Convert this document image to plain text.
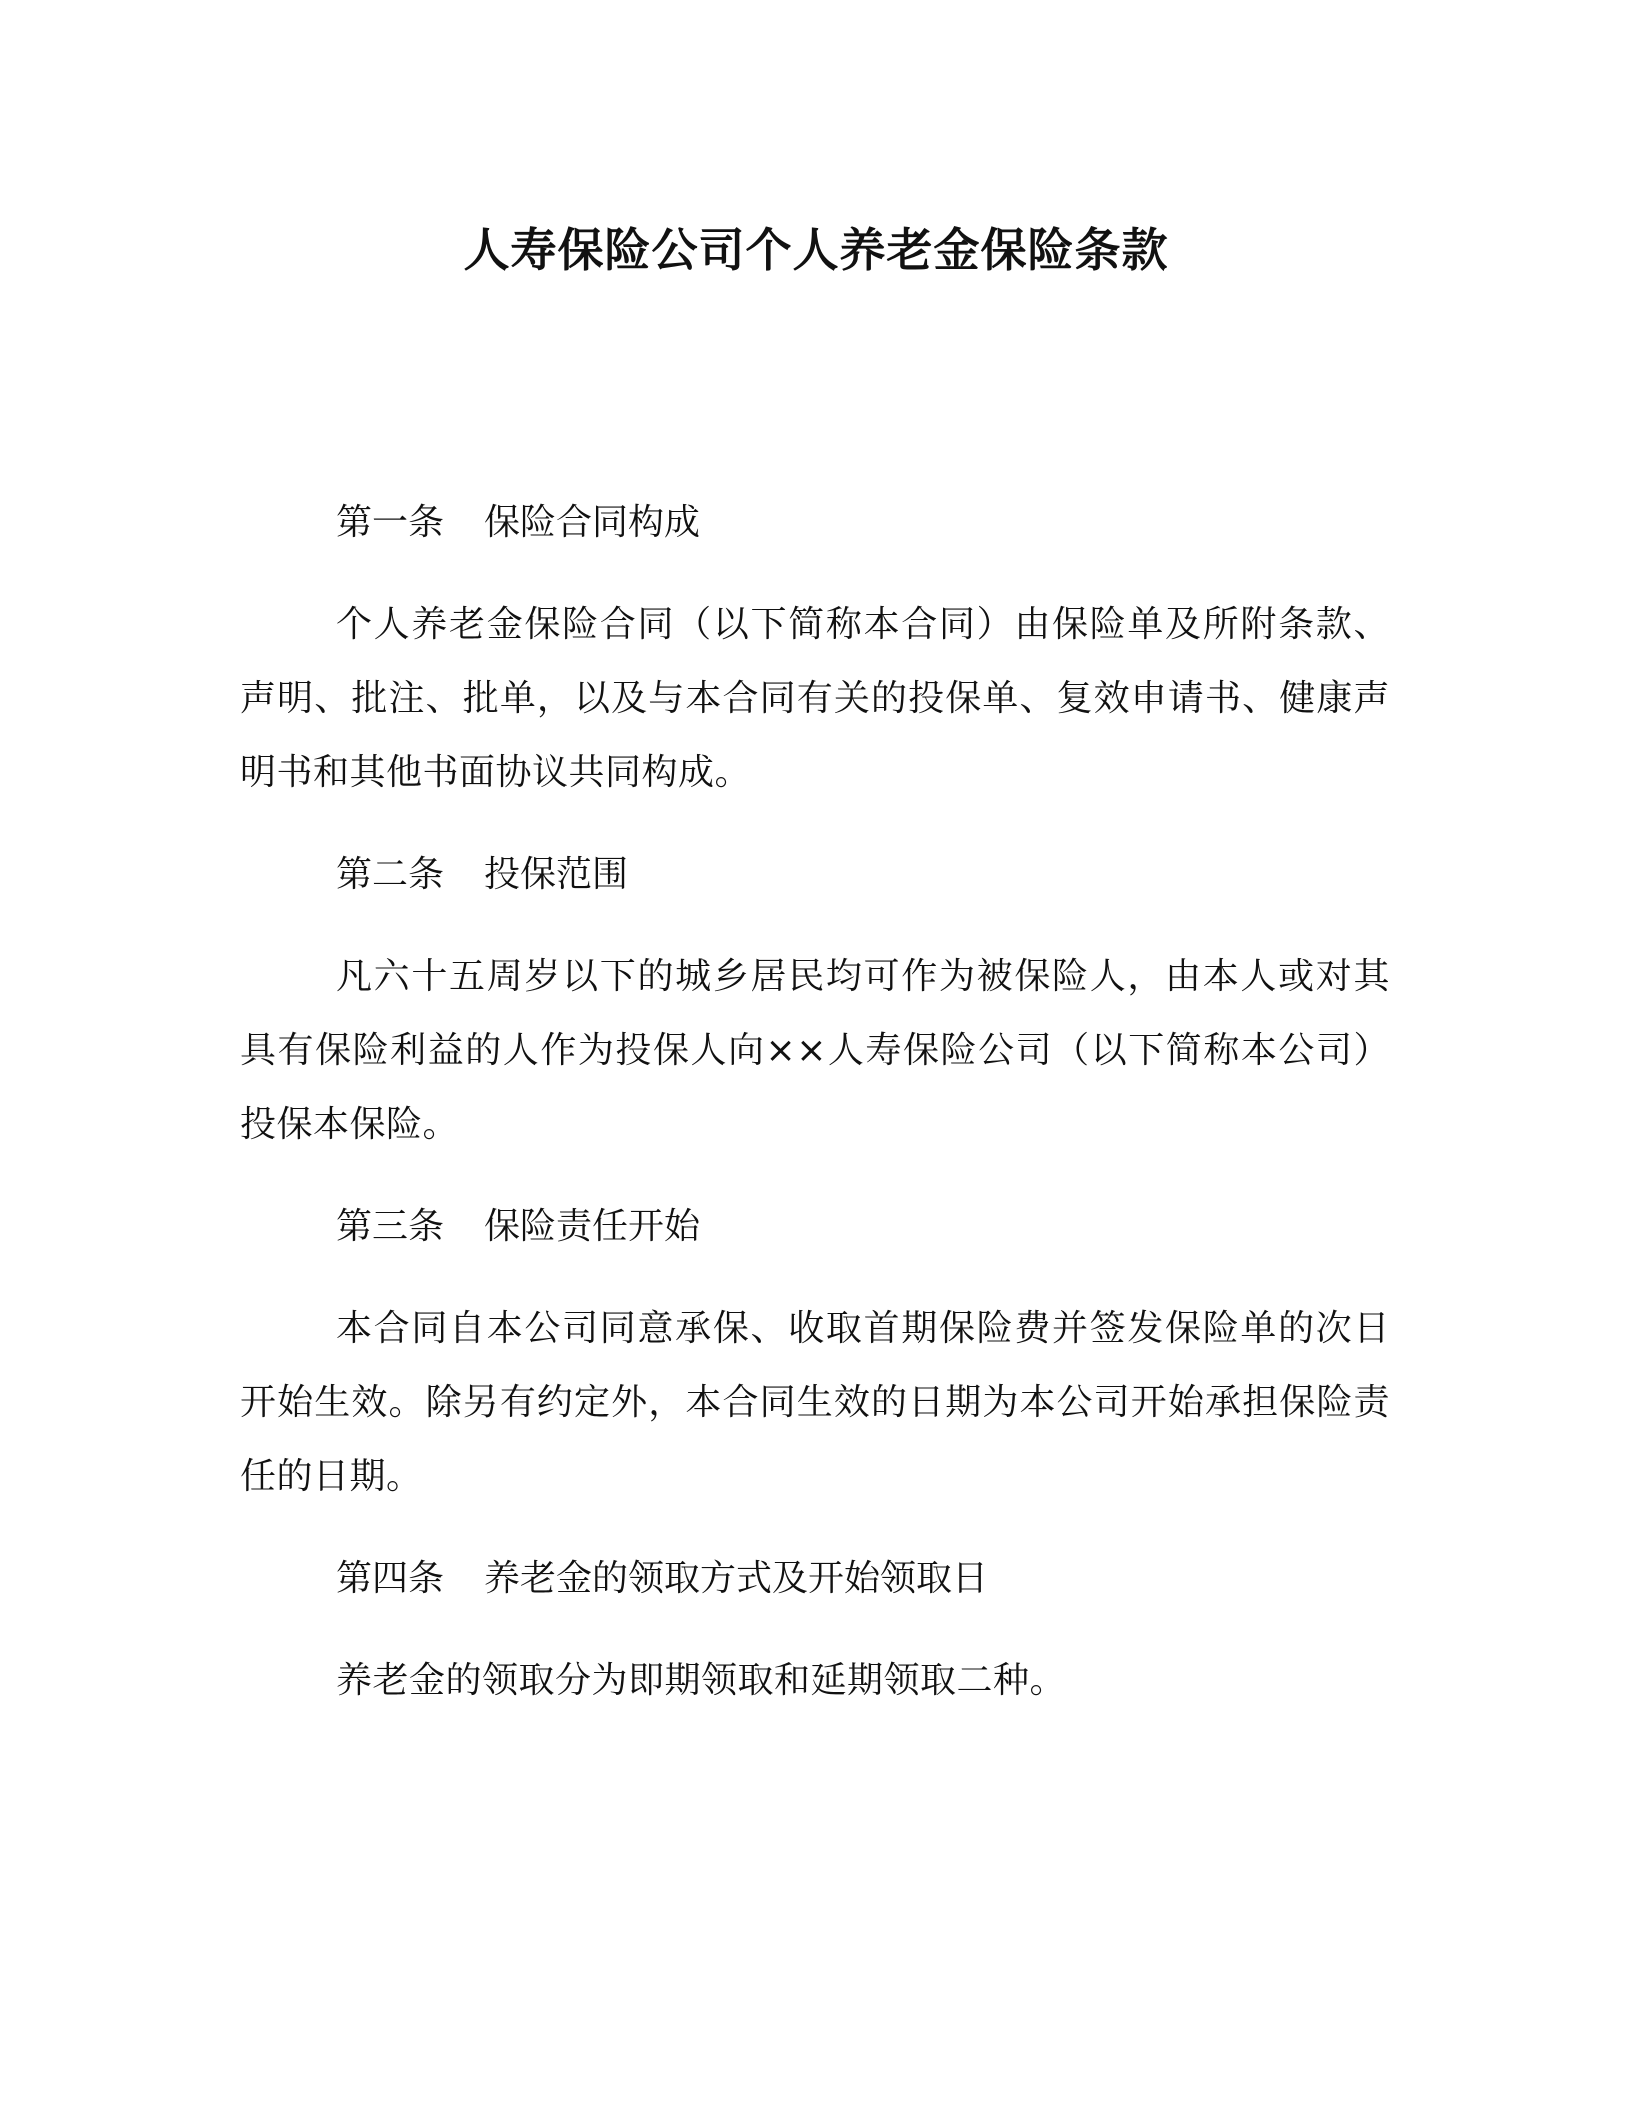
人寿保险公司个人养老金保险条款

第一条 保险合同构成

个人养老金保险合同（以下简称本合同）由保险单及所附条款、声明、批注、批单，以及与本合同有关的投保单、复效申请书、健康声明书和其他书面协议共同构成。

第二条 投保范围

凡六十五周岁以下的城乡居民均可作为被保险人，由本人或对其具有保险利益的人作为投保人向××人寿保险公司（以下简称本公司）投保本保险。

第三条 保险责任开始

本合同自本公司同意承保、收取首期保险费并签发保险单的次日开始生效。除另有约定外，本合同生效的日期为本公司开始承担保险责任的日期。

第四条 养老金的领取方式及开始领取日

养老金的领取分为即期领取和延期领取二种。
